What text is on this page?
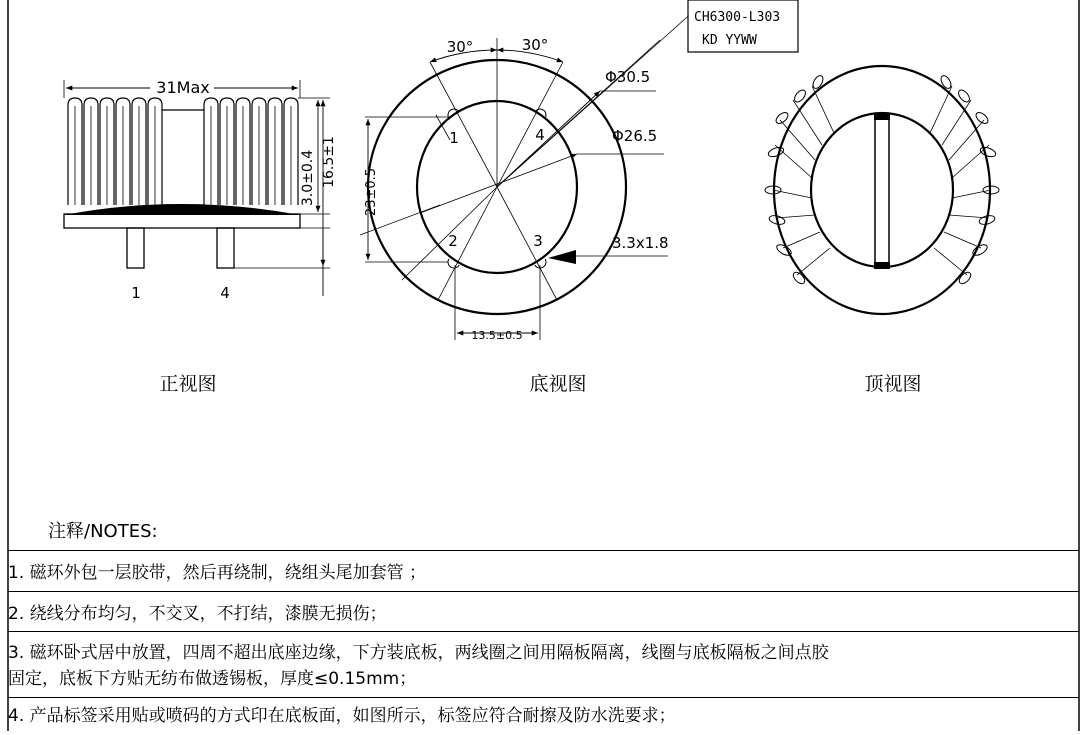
31Max
3.0±0.4 16.5±1
1	4
正视图
30°	30°
Φ30.5
Φ26.5
3.3x1.8
23±0.5
13.5±0.5
1	4
2	3
底视图
CH6300-L303
KD YYWW
顶视图
注释/NOTES:
1. 磁环外包一层胶带，然后再绕制，绕组头尾加套管 ；
2. 绕线分布均匀，不交叉，不打结，漆膜无损伤；
3. 磁环卧式居中放置，四周不超出底座边缘，下方装底板，两线圈之间用隔板隔离，线圈与底板隔板之间点胶
固定，底板下方贴无纺布做透锡板，厚度≤0.15mm；
4. 产品标签采用贴或喷码的方式印在底板面，如图所示，标签应符合耐擦及防水洗要求；
